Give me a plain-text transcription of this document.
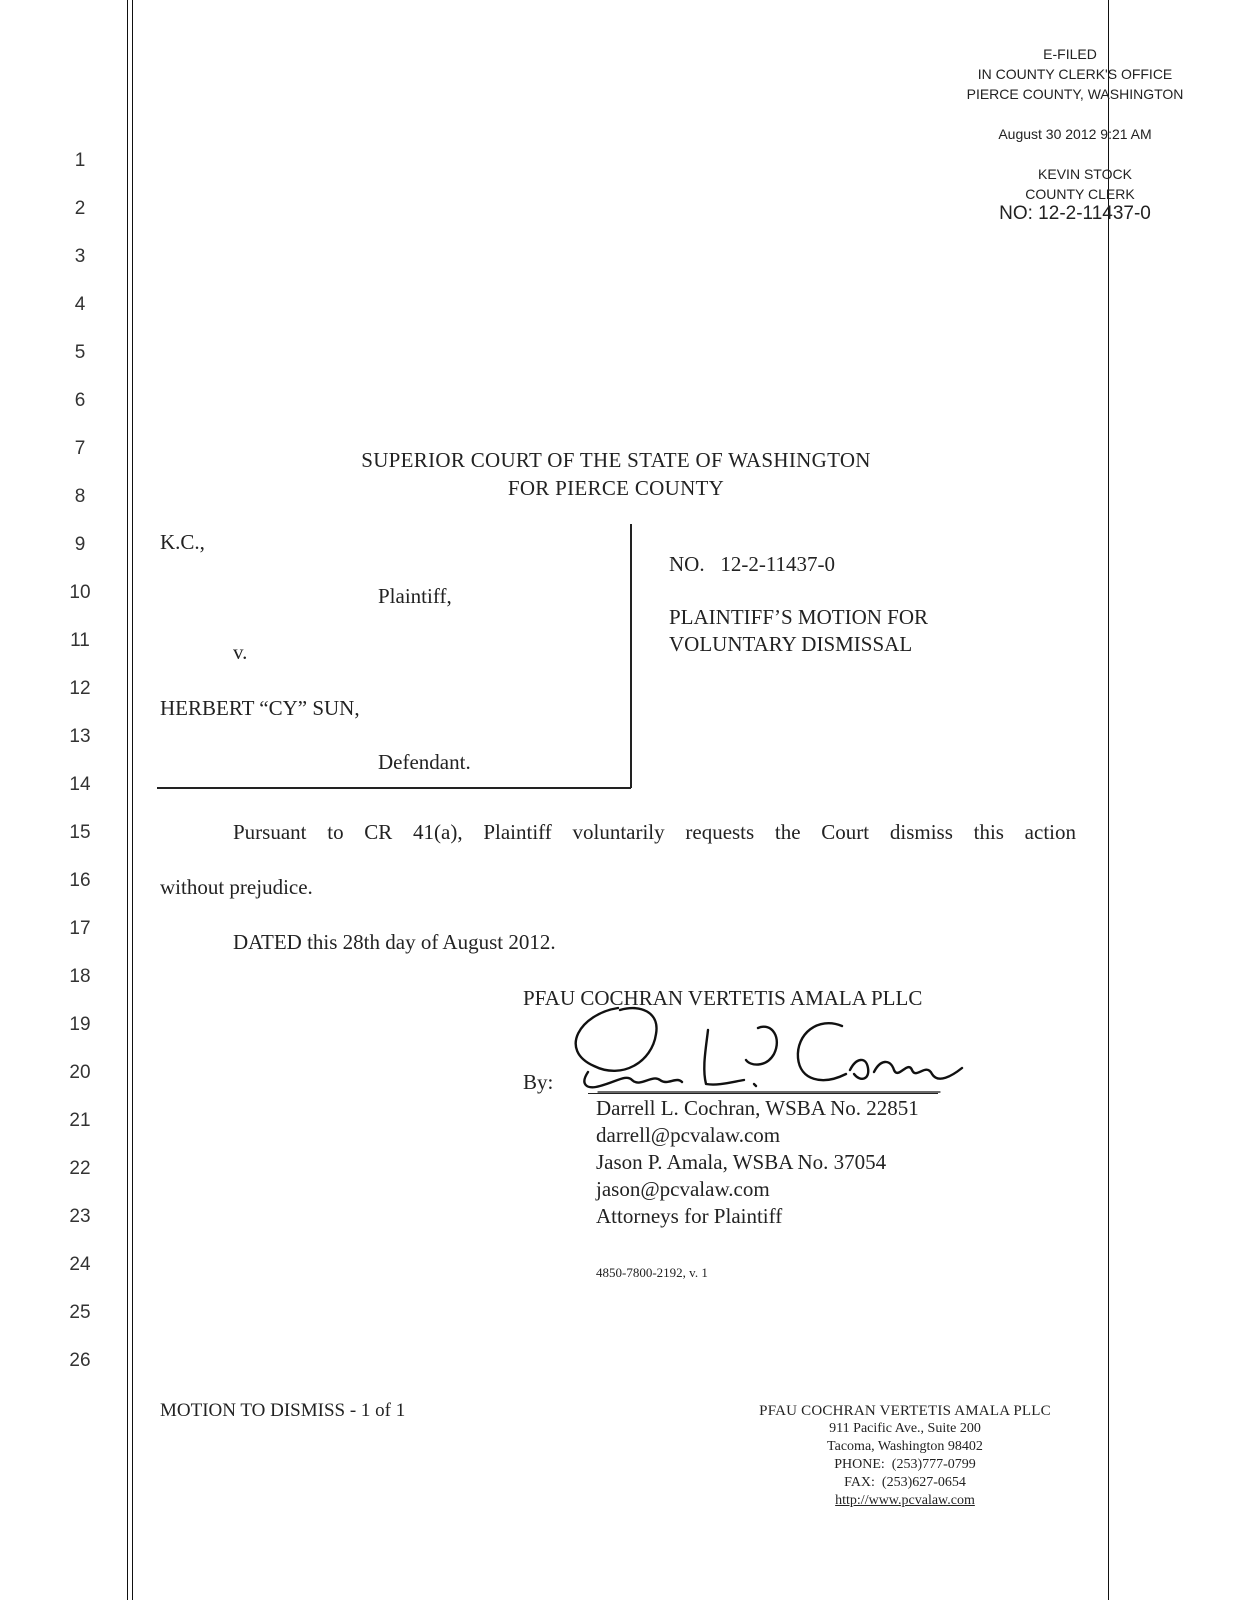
E-FILED
IN COUNTY CLERK'S OFFICE
PIERCE COUNTY, WASHINGTON
August 30 2012 9:21 AM
KEVIN STOCK
COUNTY CLERK
NO: 12-2-11437-0
1
2
3
4
5
6
7
8
9
10
11
12
13
14
15
16
17
18
19
20
21
22
23
24
25
26
SUPERIOR COURT OF THE STATE OF WASHINGTON
FOR PIERCE COUNTY
K.C.,
Plaintiff,
v.
HERBERT “CY” SUN,
Defendant.
NO.   12-2-11437-0
PLAINTIFF’S MOTION FOR
VOLUNTARY DISMISSAL
Pursuant to CR 41(a), Plaintiff voluntarily requests the Court dismiss this action
without prejudice.
DATED this 28th day of August 2012.
PFAU COCHRAN VERTETIS AMALA PLLC
By:
Darrell L. Cochran, WSBA No. 22851
darrell@pcvalaw.com
Jason P. Amala, WSBA No. 37054
jason@pcvalaw.com
Attorneys for Plaintiff
4850-7800-2192, v. 1
MOTION TO DISMISS - 1 of 1	PFAU COCHRAN VERTETIS AMALA PLLC
911 Pacific Ave., Suite 200
Tacoma, Washington 98402
PHONE:  (253)777-0799
FAX:  (253)627-0654
http://www.pcvalaw.com
